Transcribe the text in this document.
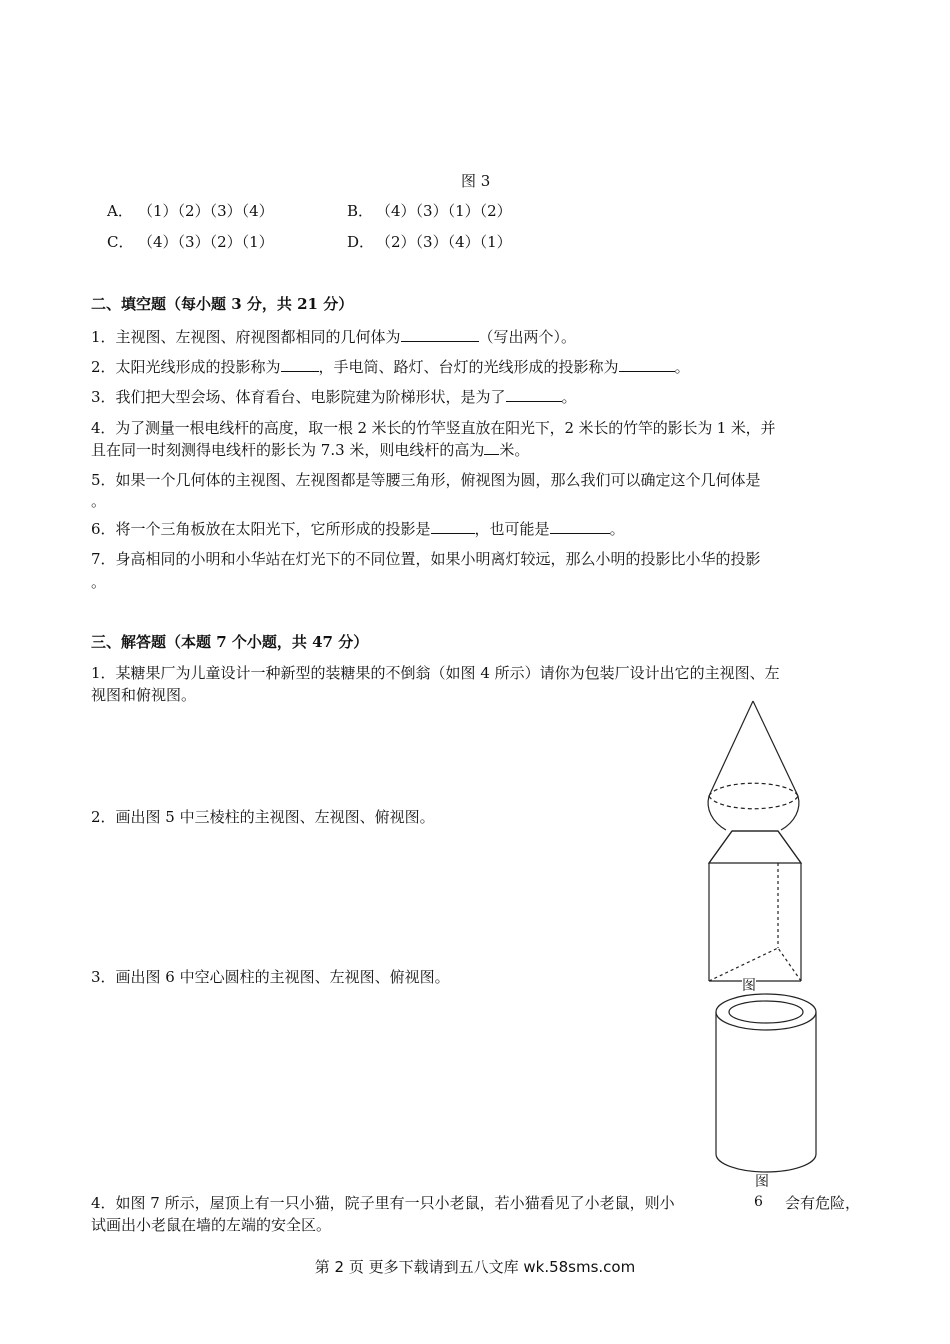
图 3
A． （1）（2）（3）（4）	B． （4）（3）（1）（2）
C． （4）（3）（2）（1）	D． （2）（3）（4）（1）
二、填空题（每小题 3 分，共 21 分）
1．主视图、左视图、府视图都相同的几何体为	（写出两个）。
2．太阳光线形成的投影称为	，手电筒、路灯、台灯的光线形成的投影称为	。
3．我们把大型会场、体育看台、电影院建为阶梯形状，是为了	。
4．为了测量一根电线杆的高度，取一根 2 米长的竹竿竖直放在阳光下，2 米长的竹竿的影长为 1 米，并
且在同一时刻测得电线杆的影长为 7.3 米，则电线杆的高为 米。
5．如果一个几何体的主视图、左视图都是等腰三角形，俯视图为圆，那么我们可以确定这个几何体是
。
6．将一个三角板放在太阳光下，它所形成的投影是	，也可能是	。
7．身高相同的小明和小华站在灯光下的不同位置，如果小明离灯较远，那么小明的投影比小华的投影
。
三、解答题（本题 7 个小题，共 47 分）
1．某糖果厂为儿童设计一种新型的装糖果的不倒翁（如图 4 所示）请你为包装厂设计出它的主视图、左
视图和俯视图。
2．画出图 5 中三棱柱的主视图、左视图、俯视图。
3．画出图 6 中空心圆柱的主视图、左视图、俯视图。
4．如图 7 所示，屋顶上有一只小猫，院子里有一只小老鼠，若小猫看见了小老鼠，则小	会有危险，
试画出小老鼠在墙的左端的安全区。
图
图
6
第 2 页 更多下载请到五八文库 wk.58sms.com
